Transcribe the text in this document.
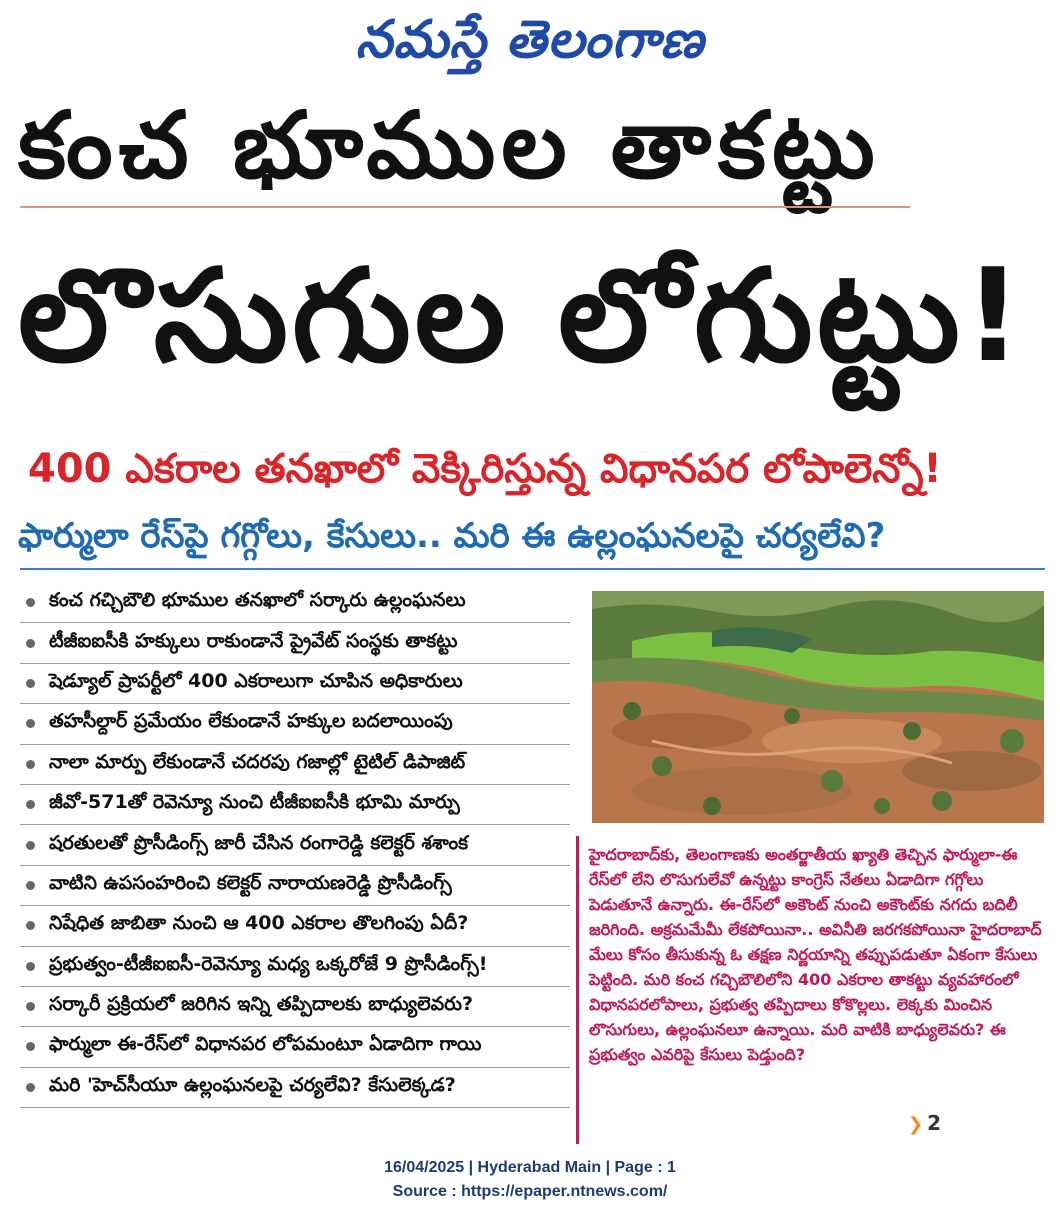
నమస్తే తెలంగాణ
కంచ భూముల తాకట్టు
లొసుగుల లోగుట్టు!
400 ఎకరాల తనఖాలో వెక్కిరిస్తున్న విధానపర లోపాలెన్నో!
ఫార్ములా రేస్‌పై గగ్గోలు, కేసులు.. మరి ఈ ఉల్లంఘనలపై చర్యలేవి?
కంచ గచ్చిబౌలి భూముల తనఖాలో సర్కారు ఉల్లంఘనలు
టీజీఐఐసీకి హక్కులు రాకుండానే ప్రైవేట్ సంస్థకు తాకట్టు
షెడ్యూల్ ప్రాపర్టీలో 400 ఎకరాలుగా చూపిన అధికారులు
తహసీల్దార్ ప్రమేయం లేకుండానే హక్కుల బదలాయింపు
నాలా మార్పు లేకుండానే చదరపు గజాల్లో టైటిల్ డిపాజిట్
జీవో-571తో రెవెన్యూ నుంచి టీజీఐఐసీకి భూమి మార్పు
షరతులతో ప్రొసీడింగ్స్ జారీ చేసిన రంగారెడ్డి కలెక్టర్ శశాంక
వాటిని ఉపసంహరించి కలెక్టర్ నారాయణరెడ్డి ప్రొసీడింగ్స్
నిషేధిత జాబితా నుంచి ఆ 400 ఎకరాల తొలగింపు ఏదీ?
ప్రభుత్వం-టీజీఐఐసీ-రెవెన్యూ మధ్య ఒక్కరోజే 9 ప్రొసీడింగ్స్!
సర్కారీ ప్రక్రియలో జరిగిన ఇన్ని తప్పిదాలకు బాధ్యులెవరు?
ఫార్ములా ఈ-రేస్‌లో విధానపర లోపమంటూ ఏడాదిగా గాయి
మరి 'హెచ్‌సీయూ ఉల్లంఘనలపై చర్యలేవి? కేసులెక్కడ?

హైదరాబాద్‌కు, తెలంగాణకు అంతర్జాతీయ ఖ్యాతి తెచ్చిన ఫార్ములా-ఈ రేస్‌లో లేని లొసుగులేవో ఉన్నట్టు కాంగ్రెస్ నేతలు ఏడాదిగా గగ్గోలు పెడుతూనే ఉన్నారు. ఈ-రేస్‌లో అకౌంట్ నుంచి అకౌంట్‌కు నగదు బదిలీ జరిగింది. అక్రమమేమీ లేకపోయినా.. అవినీతి జరగకపోయినా హైదరాబాద్ మేలు కోసం తీసుకున్న ఓ తక్షణ నిర్ణయాన్ని తప్పుపడుతూ ఏకంగా కేసులు పెట్టింది. మరి కంచ గచ్చిబౌలిలోని 400 ఎకరాల తాకట్టు వ్యవహారంలో విధానపరలోపాలు, ప్రభుత్వ తప్పిదాలు కోకొల్లలు. లెక్కకు మించిన లొసుగులు, ఉల్లంఘనలూ ఉన్నాయి. మరి వాటికి బాధ్యులెవరు? ఈ ప్రభుత్వం ఎవరిపై కేసులు పెడ్తుంది?

❯ 2
16/04/2025 | Hyderabad Main | Page : 1
Source : https://epaper.ntnews.com/
